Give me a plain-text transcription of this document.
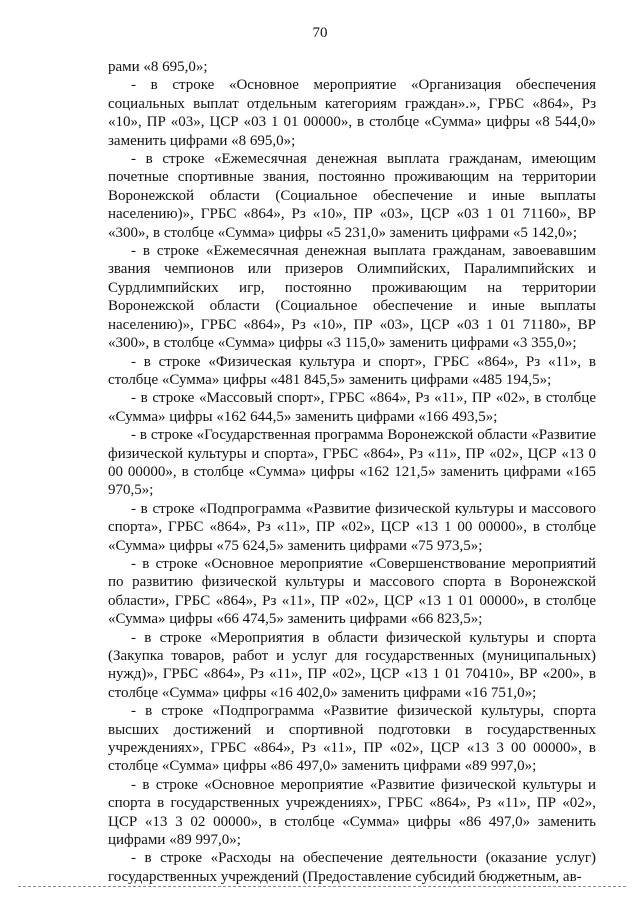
70

рами «8 695,0»;

- в строке «Основное мероприятие «Организация обеспечения социальных выплат отдельным категориям граждан».», ГРБС «864», Рз «10», ПР «03», ЦСР «03 1 01 00000», в столбце «Сумма» цифры «8 544,0» заменить цифрами «8 695,0»;

- в строке «Ежемесячная денежная выплата гражданам, имеющим почетные спортивные звания, постоянно проживающим на территории Воронежской области (Социальное обеспечение и иные выплаты населению)», ГРБС «864», Рз «10», ПР «03», ЦСР «03 1 01 71160», ВР «300», в столбце «Сумма» цифры «5 231,0» заменить цифрами «5 142,0»;

- в строке «Ежемесячная денежная выплата гражданам, завоевавшим звания чемпионов или призеров Олимпийских, Паралимпийских и Сурдлимпийских игр, постоянно проживающим на территории Воронежской области (Социальное обеспечение и иные выплаты населению)», ГРБС «864», Рз «10», ПР «03», ЦСР «03 1 01 71180», ВР «300», в столбце «Сумма» цифры «3 115,0» заменить цифрами «3 355,0»;

- в строке «Физическая культура и спорт», ГРБС «864», Рз «11», в столбце «Сумма» цифры «481 845,5» заменить цифрами «485 194,5»;

- в строке «Массовый спорт», ГРБС «864», Рз «11», ПР «02», в столбце «Сумма» цифры «162 644,5» заменить цифрами «166 493,5»;

- в строке «Государственная программа Воронежской области «Развитие физической культуры и спорта», ГРБС «864», Рз «11», ПР «02», ЦСР «13 0 00 00000», в столбце «Сумма» цифры «162 121,5» заменить цифрами «165 970,5»;

- в строке «Подпрограмма «Развитие физической культуры и массового спорта», ГРБС «864», Рз «11», ПР «02», ЦСР «13 1 00 00000», в столбце «Сумма» цифры «75 624,5» заменить цифрами «75 973,5»;

- в строке «Основное мероприятие «Совершенствование мероприятий по развитию физической культуры и массового спорта в Воронежской области», ГРБС «864», Рз «11», ПР «02», ЦСР «13 1 01 00000», в столбце «Сумма» цифры «66 474,5» заменить цифрами «66 823,5»;

- в строке «Мероприятия в области физической культуры и спорта (Закупка товаров, работ и услуг для государственных (муниципальных) нужд)», ГРБС «864», Рз «11», ПР «02», ЦСР «13 1 01 70410», ВР «200», в столбце «Сумма» цифры «16 402,0» заменить цифрами «16 751,0»;

- в строке «Подпрограмма «Развитие физической культуры, спорта высших достижений и спортивной подготовки в государственных учреждениях», ГРБС «864», Рз «11», ПР «02», ЦСР «13 3 00 00000», в столбце «Сумма» цифры «86 497,0» заменить цифрами «89 997,0»;

- в строке «Основное мероприятие «Развитие физической культуры и спорта в государственных учреждениях», ГРБС «864», Рз «11», ПР «02», ЦСР «13 3 02 00000», в столбце «Сумма» цифры «86 497,0» заменить цифрами «89 997,0»;

- в строке «Расходы на обеспечение деятельности (оказание услуг) государственных учреждений (Предоставление субсидий бюджетным, ав-
